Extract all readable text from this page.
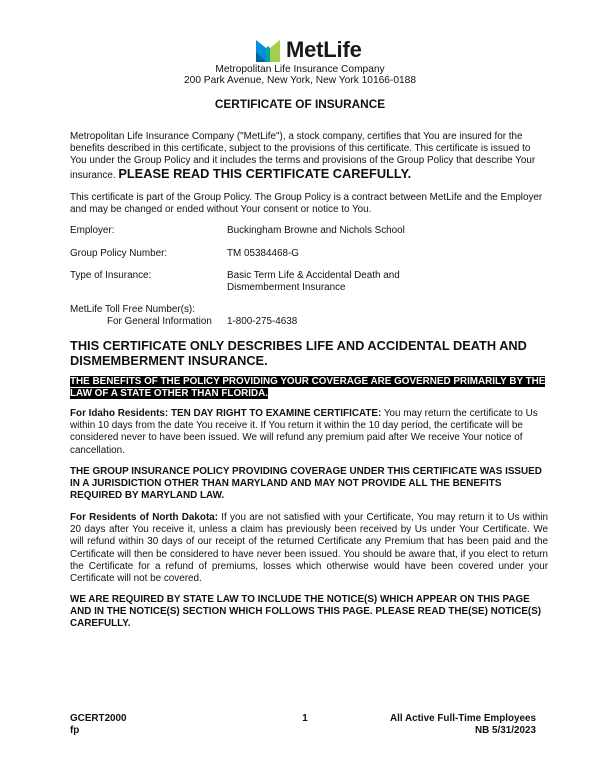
MetLife
Metropolitan Life Insurance Company
200 Park Avenue, New York, New York 10166-0188
CERTIFICATE OF INSURANCE
Metropolitan Life Insurance Company ("MetLife"), a stock company, certifies that You are insured for the benefits described in this certificate, subject to the provisions of this certificate. This certificate is issued to You under the Group Policy and it includes the terms and provisions of the Group Policy that describe Your insurance. PLEASE READ THIS CERTIFICATE CAREFULLY.
This certificate is part of the Group Policy. The Group Policy is a contract between MetLife and the Employer and may be changed or ended without Your consent or notice to You.
Employer:	Buckingham Browne and Nichols School
Group Policy Number:	TM 05384468-G
Type of Insurance:	Basic Term Life & Accidental Death and
Dismemberment Insurance
MetLife Toll Free Number(s):
For General Information 1-800-275-4638
THIS CERTIFICATE ONLY DESCRIBES LIFE AND ACCIDENTAL DEATH AND DISMEMBERMENT INSURANCE.
THE BENEFITS OF THE POLICY PROVIDING YOUR COVERAGE ARE GOVERNED PRIMARILY BY THE LAW OF A STATE OTHER THAN FLORIDA.
For Idaho Residents: TEN DAY RIGHT TO EXAMINE CERTIFICATE: You may return the certificate to Us within 10 days from the date You receive it. If You return it within the 10 day period, the certificate will be considered never to have been issued. We will refund any premium paid after We receive Your notice of cancellation.
THE GROUP INSURANCE POLICY PROVIDING COVERAGE UNDER THIS CERTIFICATE WAS ISSUED IN A JURISDICTION OTHER THAN MARYLAND AND MAY NOT PROVIDE ALL THE BENEFITS REQUIRED BY MARYLAND LAW.
For Residents of North Dakota: If you are not satisfied with your Certificate, You may return it to Us within 20 days after You receive it, unless a claim has previously been received by Us under Your Certificate. We will refund within 30 days of our receipt of the returned Certificate any Premium that has been paid and the Certificate will then be considered to have never been issued. You should be aware that, if you elect to return the Certificate for a refund of premiums, losses which otherwise would have been covered under your Certificate will not be covered.
WE ARE REQUIRED BY STATE LAW TO INCLUDE THE NOTICE(S) WHICH APPEAR ON THIS PAGE AND IN THE NOTICE(S) SECTION WHICH FOLLOWS THIS PAGE. PLEASE READ THE(SE) NOTICE(S) CAREFULLY.
GCERT2000
fp
1	All Active Full-Time Employees
NB 5/31/2023
